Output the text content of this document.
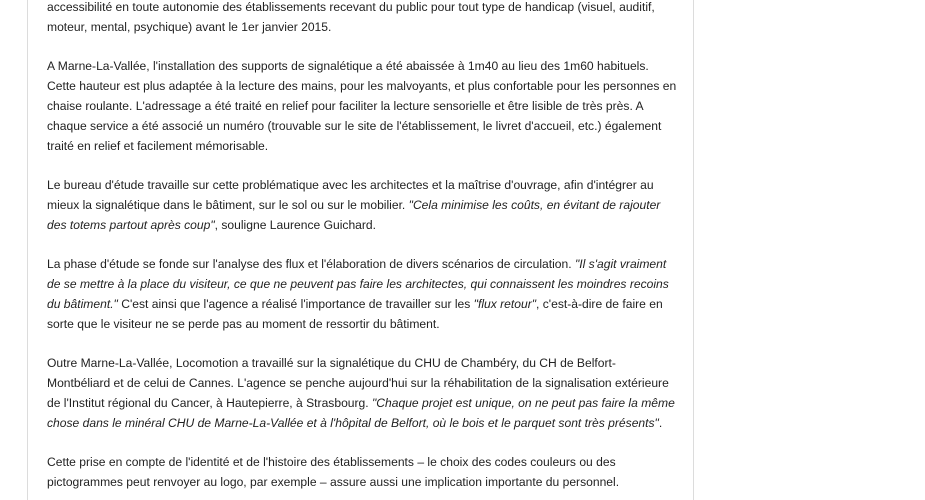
accessibilité en toute autonomie des établissements recevant du public pour tout type de handicap (visuel, auditif, moteur, mental, psychique) avant le 1er janvier 2015.

A Marne-La-Vallée, l'installation des supports de signalétique a été abaissée à 1m40 au lieu des 1m60 habituels. Cette hauteur est plus adaptée à la lecture des mains, pour les malvoyants, et plus confortable pour les personnes en chaise roulante. L'adressage a été traité en relief pour faciliter la lecture sensorielle et être lisible de très près. A chaque service a été associé un numéro (trouvable sur le site de l'établissement, le livret d'accueil, etc.) également traité en relief et facilement mémorisable.

Le bureau d'étude travaille sur cette problématique avec les architectes et la maîtrise d'ouvrage, afin d'intégrer au mieux la signalétique dans le bâtiment, sur le sol ou sur le mobilier. "Cela minimise les coûts, en évitant de rajouter des totems partout après coup", souligne Laurence Guichard.

La phase d'étude se fonde sur l'analyse des flux et l'élaboration de divers scénarios de circulation. "Il s'agit vraiment de se mettre à la place du visiteur, ce que ne peuvent pas faire les architectes, qui connaissent les moindres recoins du bâtiment." C'est ainsi que l'agence a réalisé l'importance de travailler sur les "flux retour", c'est-à-dire de faire en sorte que le visiteur ne se perde pas au moment de ressortir du bâtiment.

Outre Marne-La-Vallée, Locomotion a travaillé sur la signalétique du CHU de Chambéry, du CH de Belfort-Montbéliard et de celui de Cannes. L'agence se penche aujourd'hui sur la réhabilitation de la signalisation extérieure de l'Institut régional du Cancer, à Hautepierre, à Strasbourg. "Chaque projet est unique, on ne peut pas faire la même chose dans le minéral CHU de Marne-La-Vallée et à l'hôpital de Belfort, où le bois et le parquet sont très présents".

Cette prise en compte de l'identité et de l'histoire des établissements – le choix des codes couleurs ou des pictogrammes peut renvoyer au logo, par exemple – assure aussi une implication importante du personnel.
